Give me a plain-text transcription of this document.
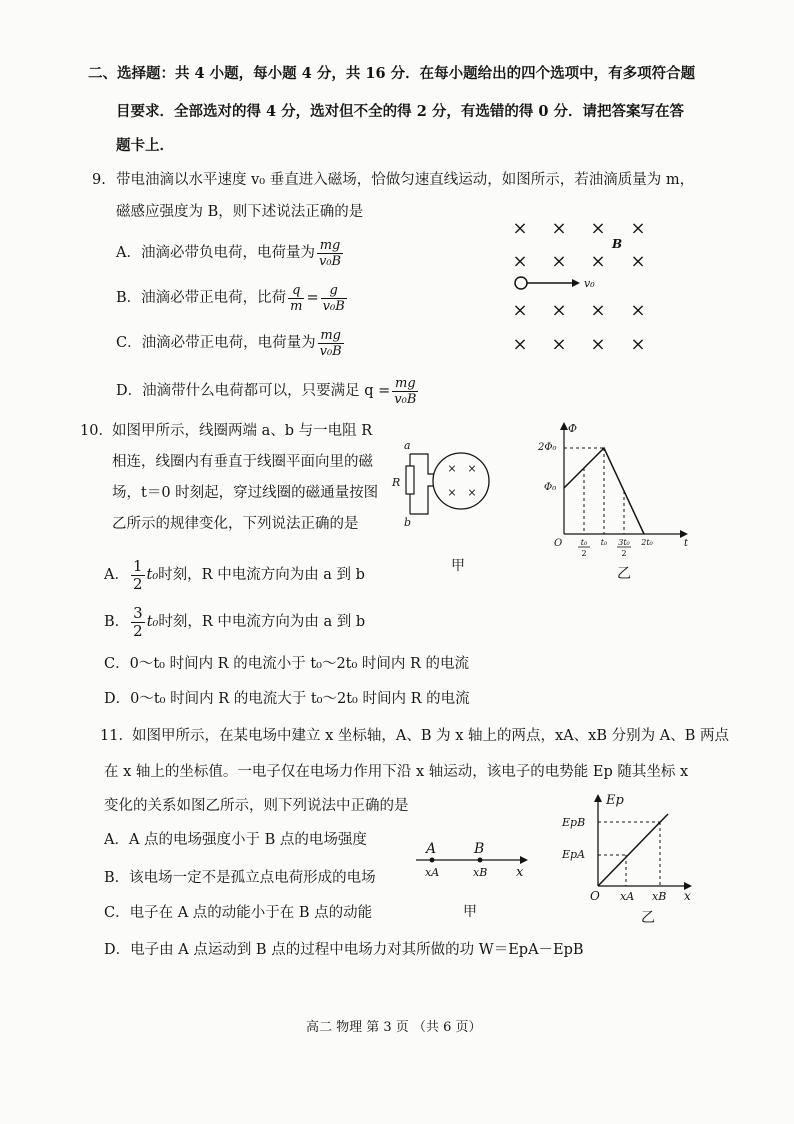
二、选择题：共 4 小题，每小题 4 分，共 16 分．在每小题给出的四个选项中，有多项符合题
目要求．全部选对的得 4 分，选对但不全的得 2 分，有选错的得 0 分．请把答案写在答
题卡上．
9. 带电油滴以水平速度 v₀ 垂直进入磁场，恰做匀速直线运动，如图所示，若油滴质量为 m，
磁感应强度为 B，则下述说法正确的是
A．油滴必带负电荷，电荷量为 $\frac{mg}{\text{v₀B}}$
B．油滴必带正电荷，比荷 $\frac{q}{m} = \frac{g}{\text{v₀B}}$
C．油滴必带正电荷，电荷量为 $\frac{mg}{\text{v₀B}}$
D．油滴带什么电荷都可以，只要满足 $q = \frac{mg}{\text{v₀B}}$
× × × ×
× × × ×
× × × ×
× × × ×
B
v₀
10． 如图甲所示，线圈两端 a、b 与一电阻 R
相连，线圈内有垂直于线圈平面向里的磁
场，t＝0 时刻起，穿过线圈的磁通量按图
乙所示的规律变化，下列说法正确的是
A． $\frac{1}{2} t_0$时刻，R 中电流方向为由 a 到 b
B． $\frac{3}{2} t_0$时刻，R 中电流方向为由 a 到 b
C．0～t₀ 时间内 R 的电流小于 t₀～2t₀ 时间内 R 的电流
D．0～t₀ 时间内 R 的电流大于 t₀～2t₀ 时间内 R 的电流
a
b
R
× ×
× ×
甲
Φ
2Φ₀
Φ₀
O	t
t₀
2
t₀ 3t₀
2
2t₀
乙
11． 如图甲所示，在某电场中建立 x 坐标轴，A、B 为 x 轴上的两点，xA、xB 分别为 A、B 两点
在 x 轴上的坐标值。一电子仅在电场力作用下沿 x 轴运动，该电子的电势能 Ep 随其坐标 x
变化的关系如图乙所示，则下列说法中正确的是
A．A 点的电场强度小于 B 点的电场强度
B．该电场一定不是孤立点电荷形成的电场
C．电子在 A 点的动能小于在 B 点的动能
D．电子由 A 点运动到 B 点的过程中电场力对其所做的功 W＝EpA－EpB
A	B
xA	xB x
甲
Ep
EpB
EpA
O xA xB x
乙
高二 物理 第 3 页 （共 6 页）
